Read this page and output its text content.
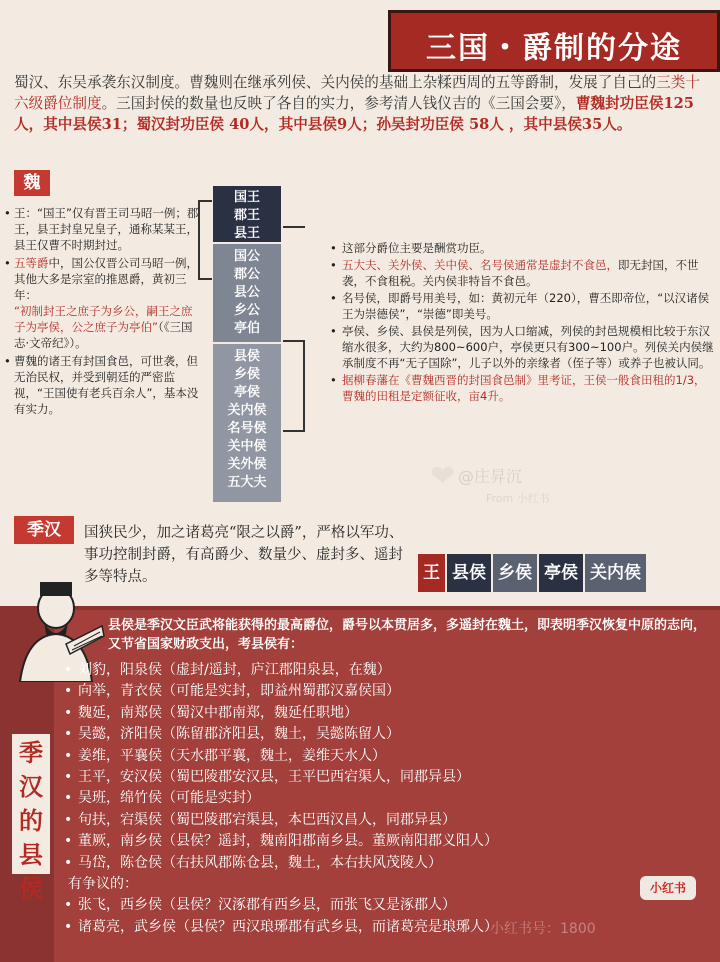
三国・爵制的分途
蜀汉、东吴承袭东汉制度。曹魏则在继承列侯、关内侯的基础上杂糅西周的五等爵制，发展了自己的三类十六级爵位制度。三国封侯的数量也反映了各自的实力，参考清人钱仪吉的《三国会要》，曹魏封功臣侯125人，其中县侯31；蜀汉封功臣侯 40人，其中县侯9人；孙吴封功臣侯 58人 ，其中县侯35人。
魏
• 王：“国王”仅有晋王司马昭一例；郡王，县王封皇兄皇子，通称某某王，县王仅曹不时期封过。
• 五等爵中，国公仅晋公司马昭一例，其他大多是宗室的推恩爵，黄初三年：
“初制封王之庶子为乡公，嗣王之庶子为亭侯，公之庶子为亭伯”（《三国志·文帝纪》）。
• 曹魏的诸王有封国食邑，可世袭，但无治民权，并受到朝廷的严密监视，“王国使有老兵百余人”，基本没有实力。
国王
郡王
县王
国公
郡公
县公
乡公
亭伯
县侯
乡侯
亭侯
关内侯
名号侯
关中侯
关外侯
五大夫
• 这部分爵位主要是酬赏功臣。
• 五大夫、关外侯、关中侯、名号侯通常是虚封不食邑，即无封国，不世袭，不食租税。关内侯非特旨不食邑。
• 名号侯，即爵号用美号，如：黄初元年（220），曹丕即帝位，“以汉诸侯王为崇德侯”，“崇德”即美号。
• 亭侯、乡侯、县侯是列侯，因为人口缩减，列侯的封邑规模相比较于东汉缩水很多，大约为800~600户，亭侯更只有300~100户。列侯关内侯继承制度不再“无子国除”，儿子以外的亲缘者（侄子等）或养子也被认同。
• 据柳春藩在《曹魏西晋的封国食邑制》里考证，王侯一般食田租的1/3，曹魏的田租是定额征收，亩4升。
❤ @庄昇沉
From 小红书
季汉	国狭民少，加之诸葛亮“限之以爵”，严格以军功、事功控制封爵，有高爵少、数量少、虚封多、遥封多等特点。	王 县侯 乡侯 亭侯 关内侯
季汉的县侯
县侯是季汉文臣武将能获得的最高爵位，爵号以本贯居多，多遥封在魏土，即表明季汉恢复中原的志向，又节省国家财政支出，考县侯有：
• 刘豹，阳泉侯（虚封/遥封，庐江郡阳泉县，在魏）
• 向举，青衣侯（可能是实封，即益州蜀郡汉嘉侯国）
• 魏延，南郑侯（蜀汉中郡南郑，魏延任职地）
• 吴懿，济阳侯（陈留郡济阳县，魏土，吴懿陈留人）
• 姜维，平襄侯（天水郡平襄，魏土，姜维天水人）
• 王平，安汉侯（蜀巴陵郡安汉县，王平巴西宕渠人，同郡异县）
• 吴班，绵竹侯（可能是实封）
• 句扶，宕渠侯（蜀巴陵郡宕渠县，本巴西汉昌人，同郡异县）
• 董厥，南乡侯（县侯？遥封，魏南阳郡南乡县。董厥南阳郡义阳人）
• 马岱，陈仓侯（右扶风郡陈仓县，魏土，本右扶风茂陵人）
有争议的：
• 张飞，西乡侯（县侯？汉涿郡有西乡县，而张飞又是涿郡人）
• 诸葛亮，武乡侯（县侯？西汉琅琊郡有武乡县，而诸葛亮是琅琊人）
小红书
小红书号：1800
